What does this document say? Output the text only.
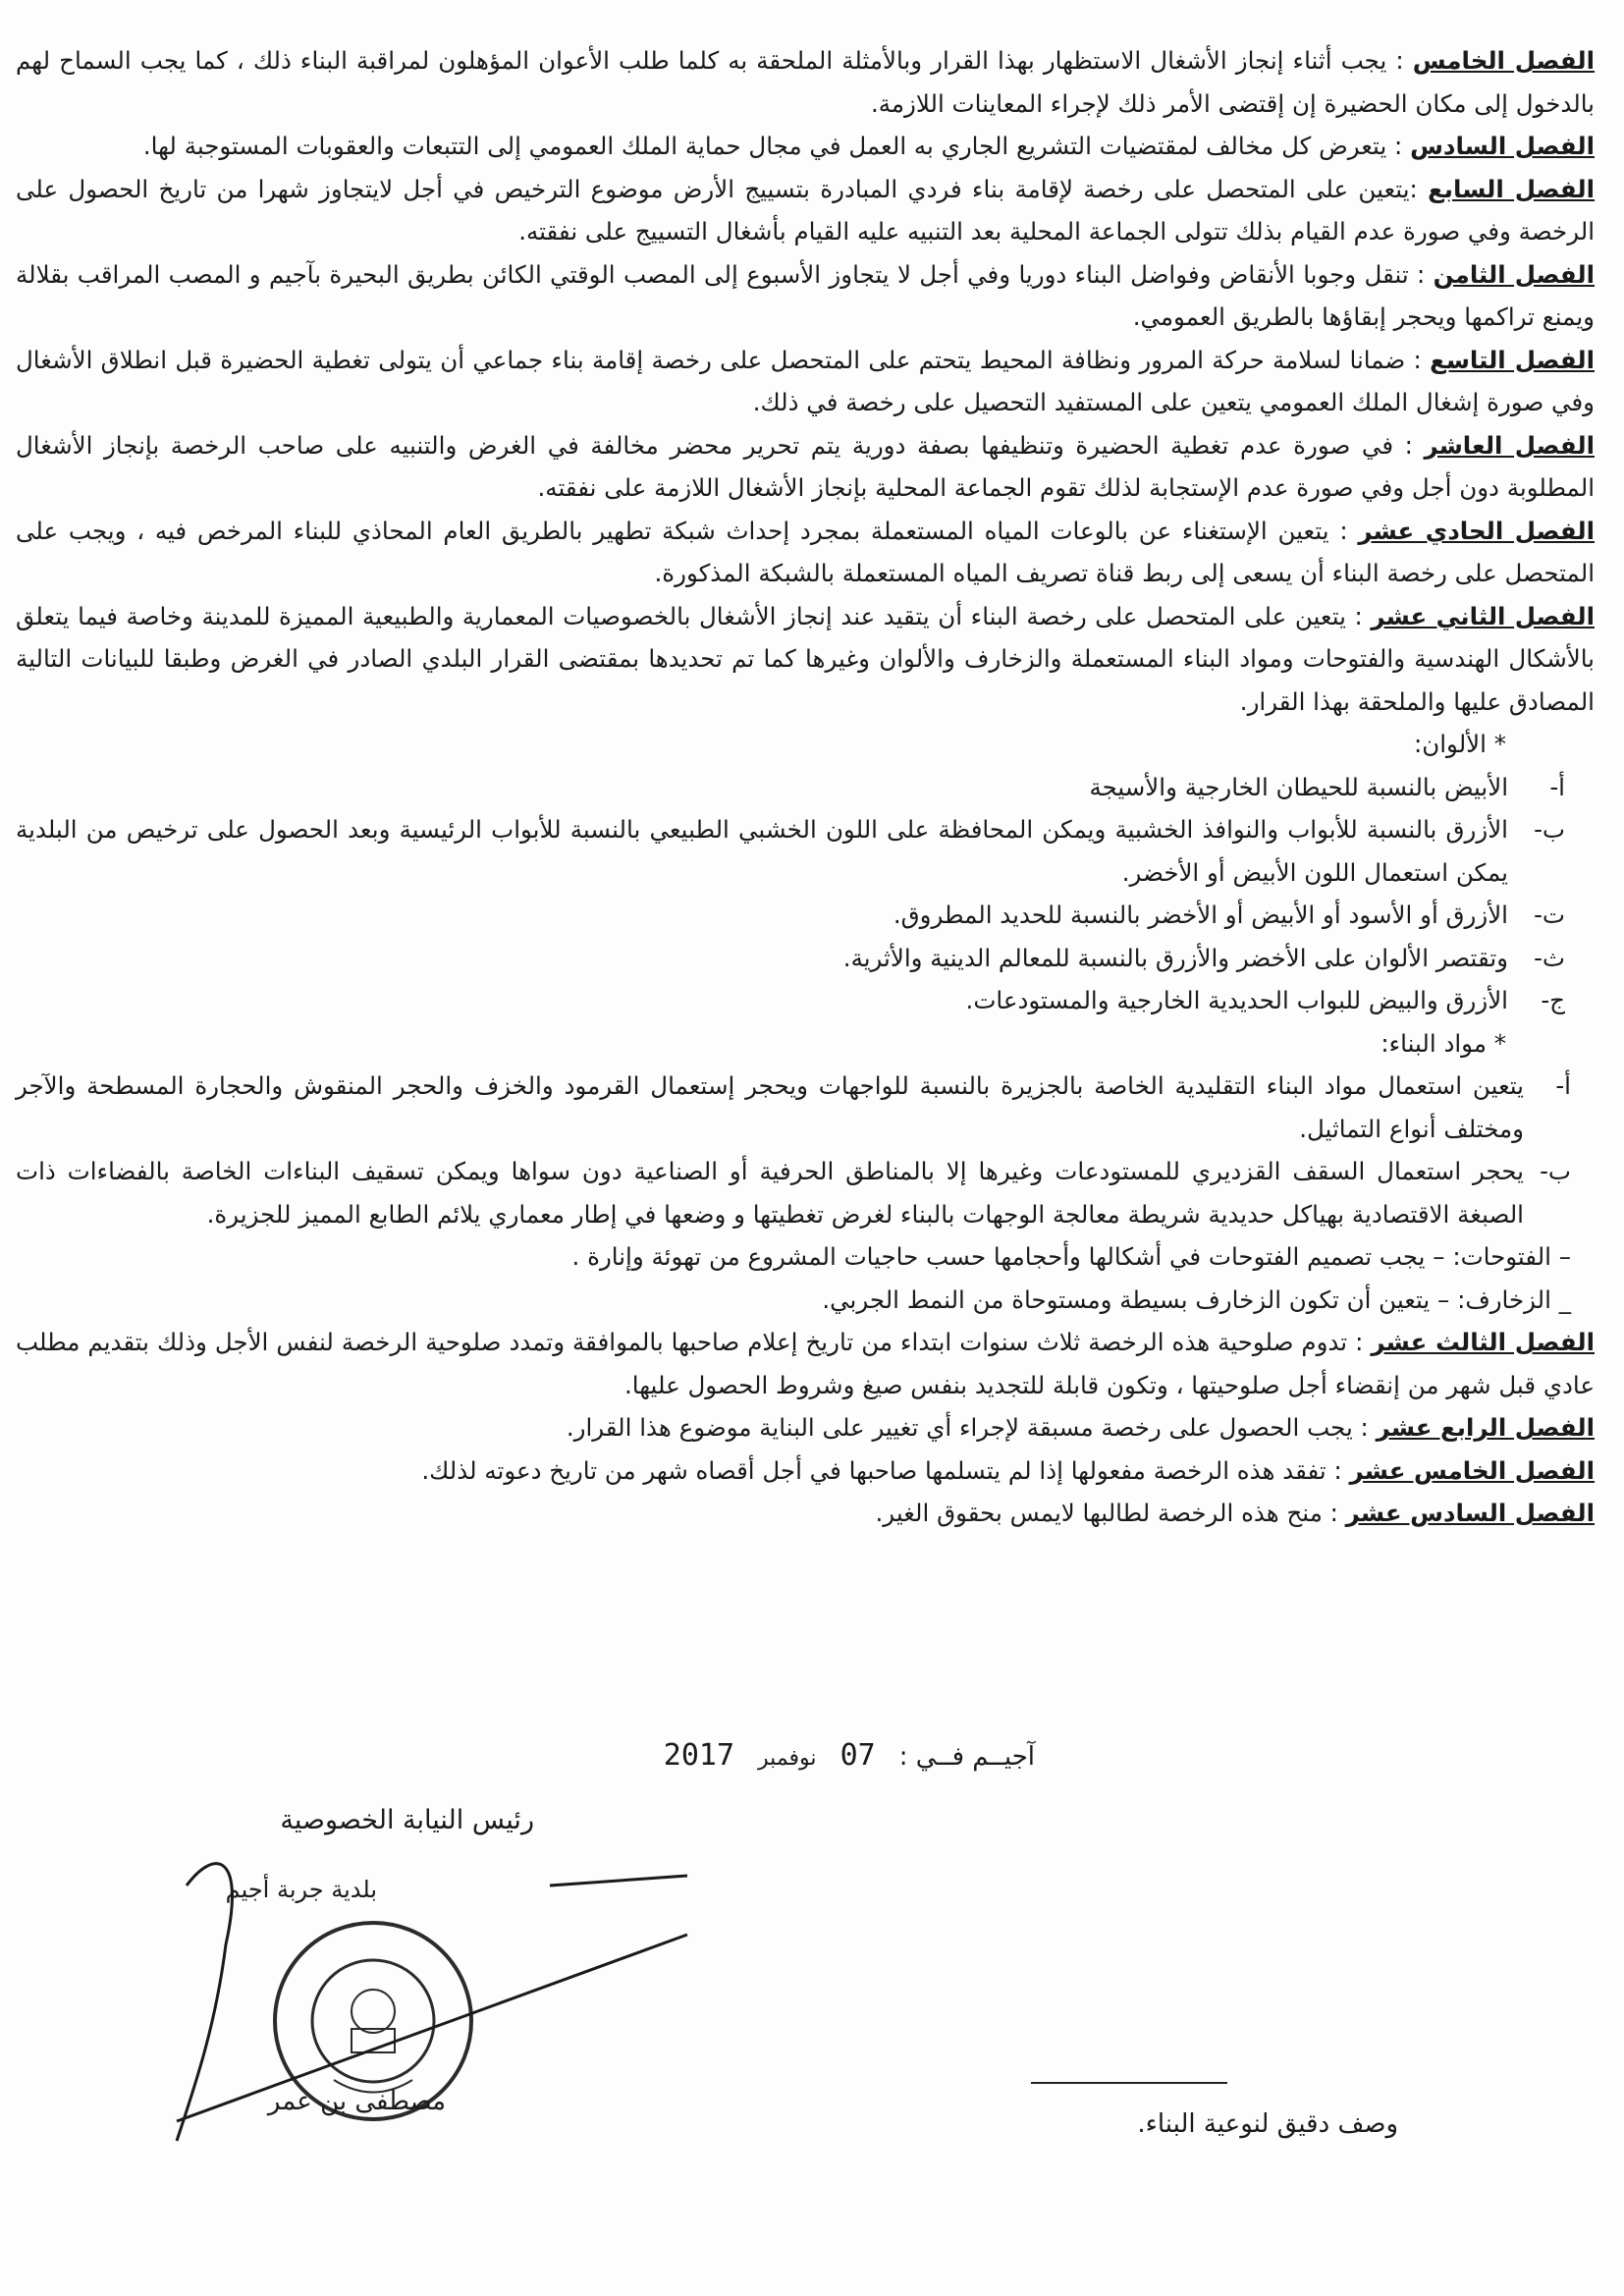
الفصل الخامس : يجب أثناء إنجاز الأشغال الاستظهار بهذا القرار وبالأمثلة الملحقة به كلما طلب الأعوان المؤهلون لمراقبة البناء ذلك ، كما يجب السماح لهم بالدخول إلى مكان الحضيرة إن إقتضى الأمر ذلك لإجراء المعاينات اللازمة.

الفصل السادس : يتعرض كل مخالف لمقتضيات التشريع الجاري به العمل في مجال حماية الملك العمومي إلى التتبعات والعقوبات المستوجبة لها.

الفصل السابع :يتعين على المتحصل على رخصة لإقامة بناء فردي المبادرة بتسييج الأرض موضوع الترخيص في أجل لايتجاوز شهرا من تاريخ الحصول على الرخصة وفي صورة عدم القيام بذلك تتولى الجماعة المحلية بعد التنبيه عليه القيام بأشغال التسييج على نفقته.

الفصل الثامن : تنقل وجوبا الأنقاض وفواضل البناء دوريا وفي أجل لا يتجاوز الأسبوع إلى المصب الوقتي الكائن بطريق البحيرة بآجيم و المصب المراقب بقلالة ويمنع تراكمها ويحجر إبقاؤها بالطريق العمومي.

الفصل التاسع : ضمانا لسلامة حركة المرور ونظافة المحيط يتحتم على المتحصل على رخصة إقامة بناء جماعي أن يتولى تغطية الحضيرة قبل انطلاق الأشغال وفي صورة إشغال الملك العمومي يتعين على المستفيد التحصيل على رخصة في ذلك.

الفصل العاشر : في صورة عدم تغطية الحضيرة وتنظيفها بصفة دورية يتم تحرير محضر مخالفة في الغرض والتنبيه على صاحب الرخصة بإنجاز الأشغال المطلوبة دون أجل وفي صورة عدم الإستجابة لذلك تقوم الجماعة المحلية بإنجاز الأشغال اللازمة على نفقته.

الفصل الحادي عشر : يتعين الإستغناء عن بالوعات المياه المستعملة بمجرد إحداث شبكة تطهير بالطريق العام المحاذي للبناء المرخص فيه ، ويجب على المتحصل على رخصة البناء أن يسعى إلى ربط قناة تصريف المياه المستعملة بالشبكة المذكورة.

الفصل الثاني عشر : يتعين على المتحصل على رخصة البناء أن يتقيد عند إنجاز الأشغال بالخصوصيات المعمارية والطبيعية المميزة للمدينة وخاصة فيما يتعلق بالأشكال الهندسية والفتوحات ومواد البناء المستعملة والزخارف والألوان وغيرها كما تم تحديدها بمقتضى القرار البلدي الصادر في الغرض وطبقا للبيانات التالية المصادق عليها والملحقة بهذا القرار.

* الألوان:

أ-
الأبيض بالنسبة للحيطان الخارجية والأسيجة
ب-
الأزرق بالنسبة للأبواب والنوافذ الخشبية ويمكن المحافظة على اللون الخشبي الطبيعي بالنسبة للأبواب الرئيسية وبعد الحصول على ترخيص من البلدية يمكن استعمال اللون الأبيض أو الأخضر.
ت-
الأزرق أو الأسود أو الأبيض أو الأخضر بالنسبة للحديد المطروق.
ث-
وتقتصر الألوان على الأخضر والأزرق بالنسبة للمعالم الدينية والأثرية.
ج-
الأزرق والبيض للبواب الحديدية الخارجية والمستودعات.

* مواد البناء:

أ-
يتعين استعمال مواد البناء التقليدية الخاصة بالجزيرة بالنسبة للواجهات ويحجر إستعمال القرمود والخزف والحجر المنقوش والحجارة المسطحة والآجر ومختلف أنواع التماثيل.
ب-
يحجر استعمال السقف القزديري للمستودعات وغيرها إلا بالمناطق الحرفية أو الصناعية دون سواها ويمكن تسقيف البناءات الخاصة بالفضاءات ذات الصبغة الاقتصادية بهياكل حديدية شريطة معالجة الوجهات بالبناء لغرض تغطيتها و وضعها في إطار معماري يلائم الطابع المميز للجزيرة.

– الفتوحات: – يجب تصميم الفتوحات في أشكالها وأحجامها حسب حاجيات المشروع من تهوئة وإنارة .

_ الزخارف: – يتعين أن تكون الزخارف بسيطة ومستوحاة من النمط الجربي.

الفصل الثالث عشر : تدوم صلوحية هذه الرخصة ثلاث سنوات ابتداء من تاريخ إعلام صاحبها بالموافقة وتمدد صلوحية الرخصة لنفس الأجل وذلك بتقديم مطلب عادي قبل شهر من إنقضاء أجل صلوحيتها ، وتكون قابلة للتجديد بنفس صيغ وشروط الحصول عليها.

الفصل الرابع عشر : يجب الحصول على رخصة مسبقة لإجراء أي تغيير على البناية موضوع هذا القرار.

الفصل الخامس عشر : تفقد هذه الرخصة مفعولها إذا لم يتسلمها صاحبها في أجل أقصاه شهر من تاريخ دعوته لذلك.

الفصل السادس عشر : منح هذه الرخصة لطالبها لايمس بحقوق الغير.

آجيــم فــي :
07
نوفمبر
2017
رئيس النيابة الخصوصية
بلدية جربة أجيم
مصطفى بن عمر
وصف دقيق لنوعية البناء.
